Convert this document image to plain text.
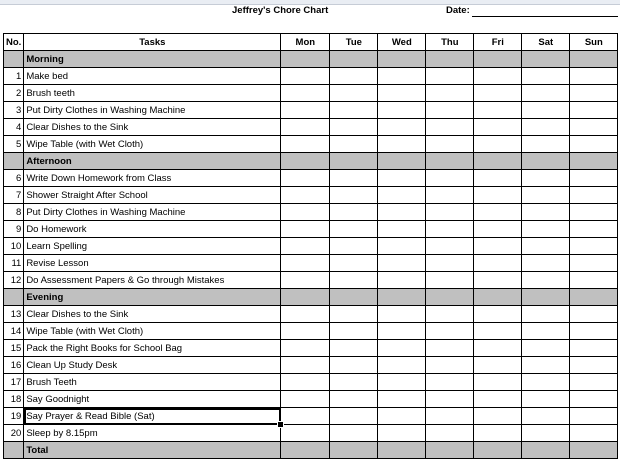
Jeffrey's Chore Chart	Date:
No.	Tasks	Mon	Tue	Wed	Thu	Fri	Sat	Sun
	Morning							
1	Make bed							
2	Brush teeth							
3	Put Dirty Clothes in Washing Machine							
4	Clear Dishes to the Sink							
5	Wipe Table (with Wet Cloth)							
	Afternoon							
6	Write Down Homework from Class							
7	Shower Straight After School							
8	Put Dirty Clothes in Washing Machine							
9	Do Homework							
10	Learn Spelling							
11	Revise Lesson							
12	Do Assessment Papers & Go through Mistakes							
	Evening							
13	Clear Dishes to the Sink							
14	Wipe Table (with Wet Cloth)							
15	Pack the Right Books for School Bag							
16	Clean Up Study Desk							
17	Brush Teeth							
18	Say Goodnight							
19	Say Prayer & Read Bible (Sat)							
20	Sleep by 8.15pm							
	Total							
